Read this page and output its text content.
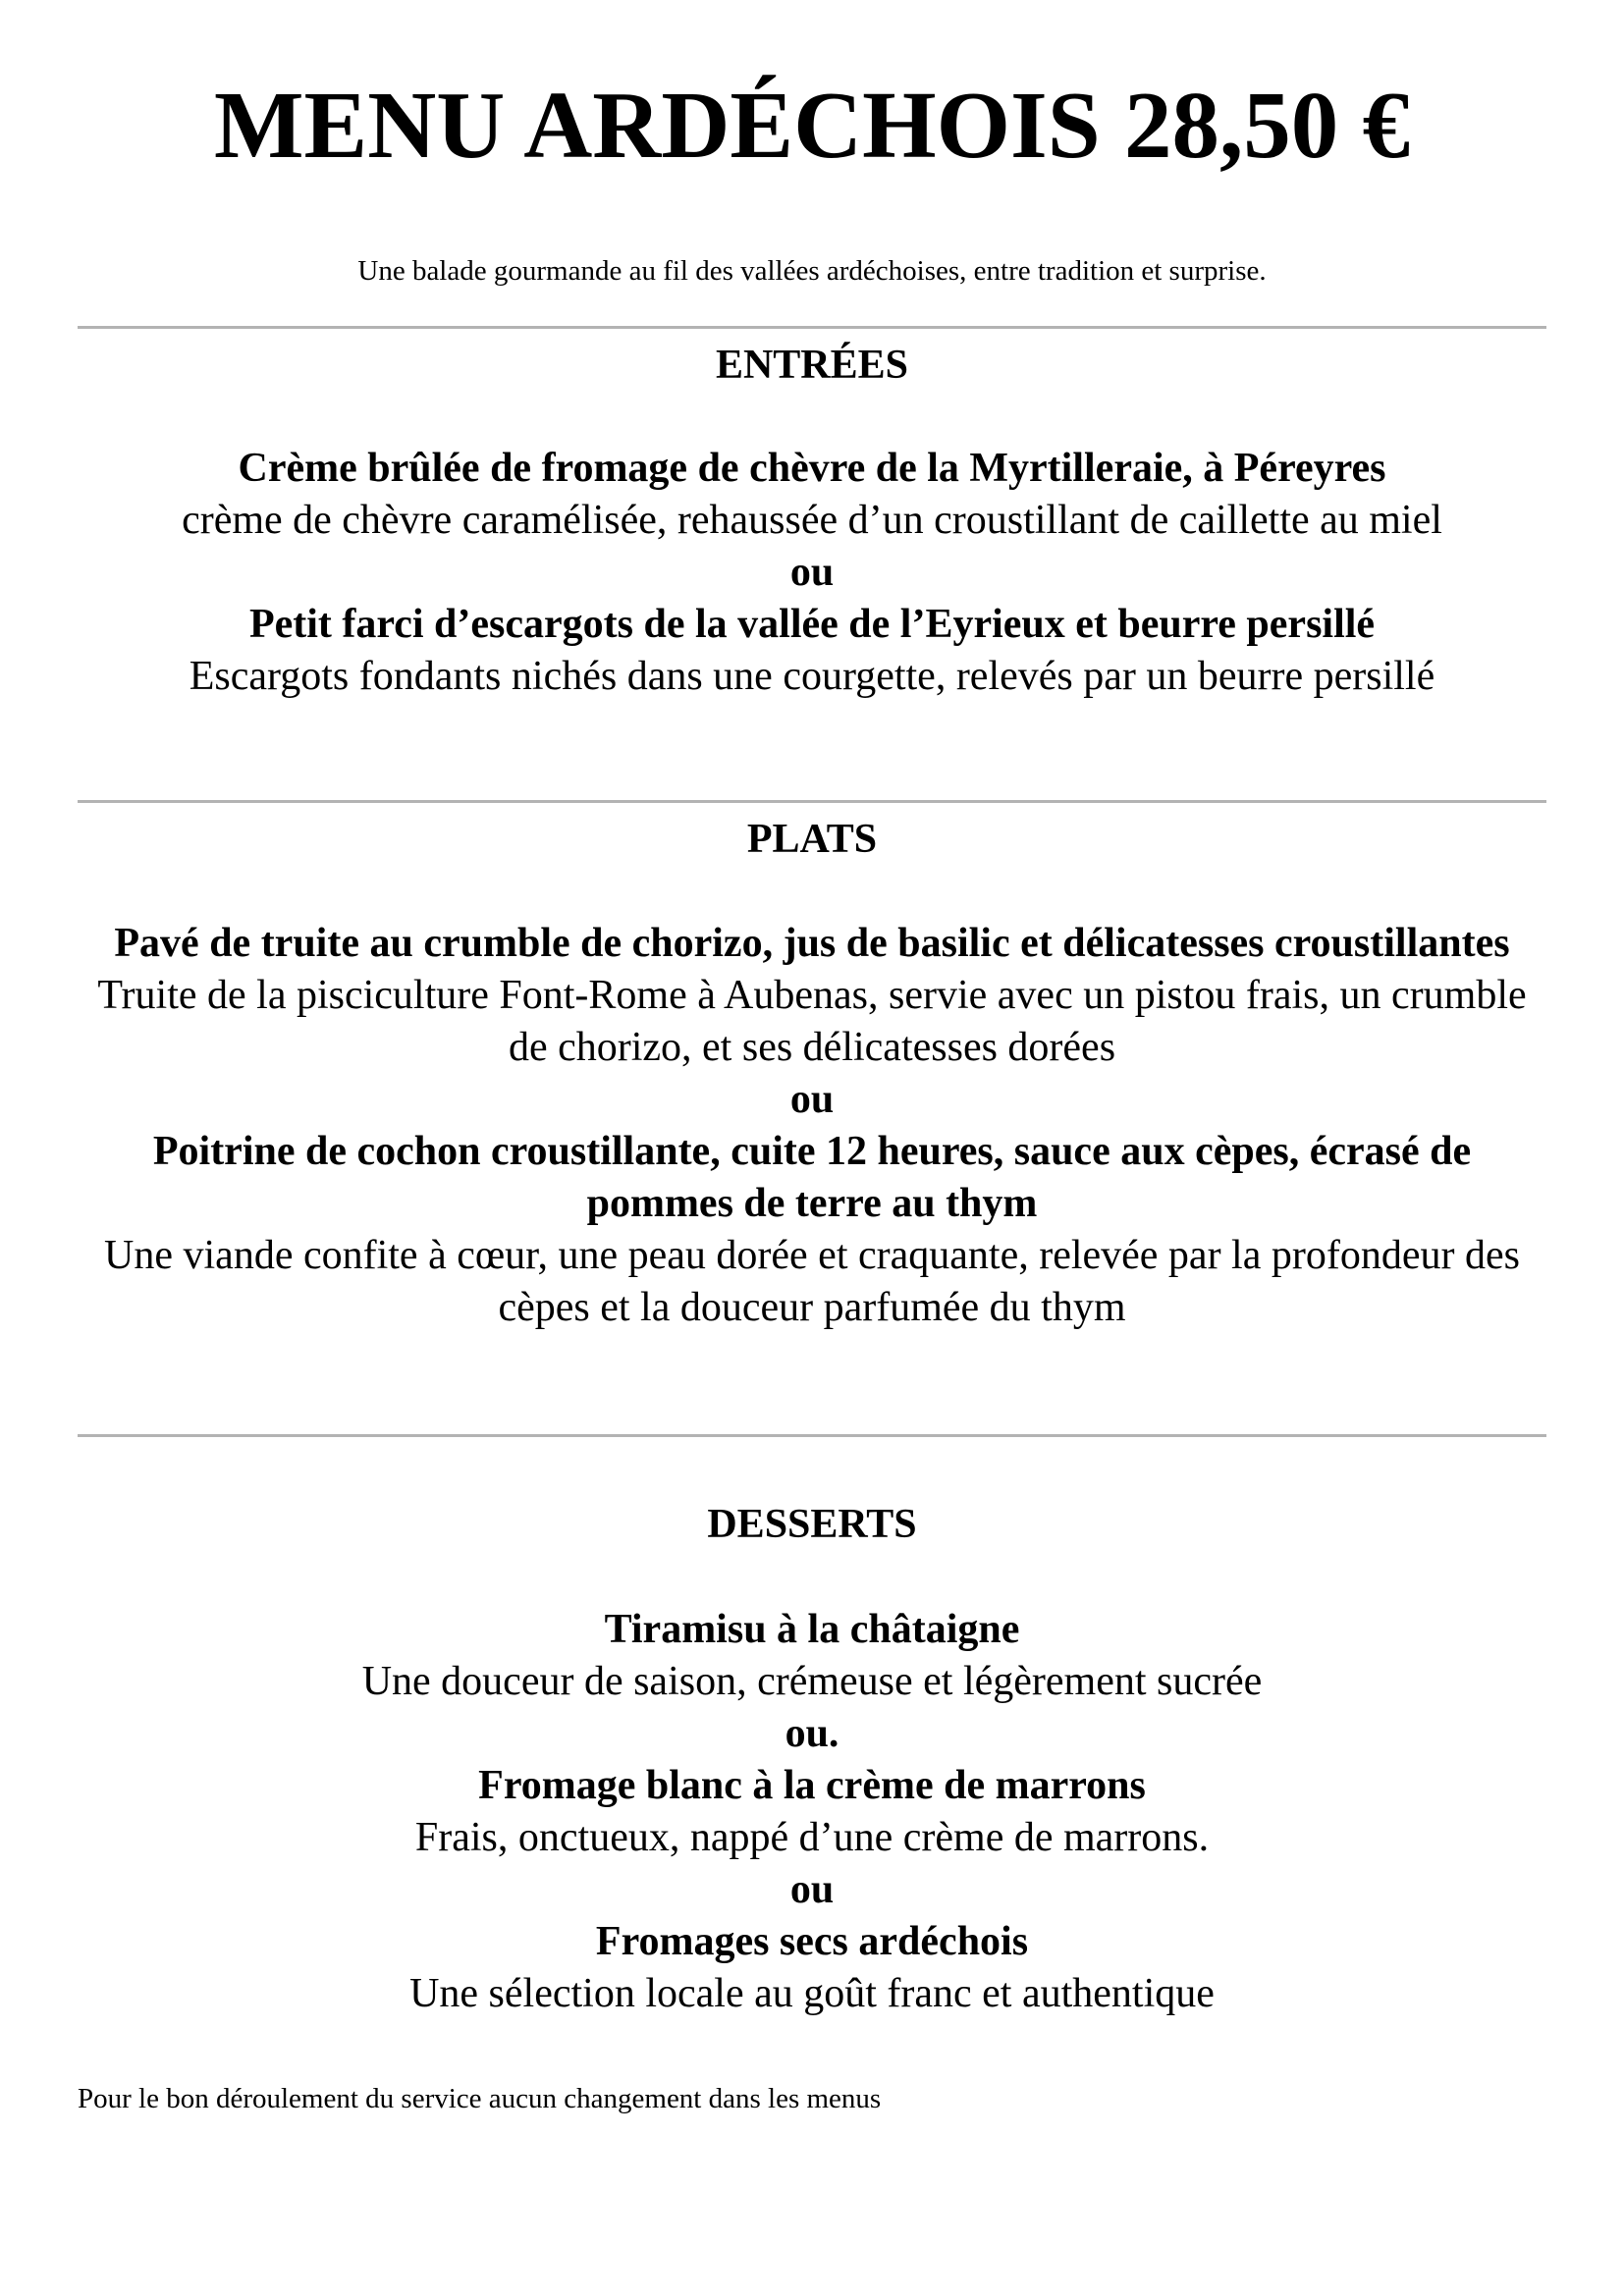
MENU ARDÉCHOIS 28,50 €
Une balade gourmande au fil des vallées ardéchoises, entre tradition et surprise.
ENTRÉES
Crème brûlée de fromage de chèvre de la Myrtilleraie, à Péreyres
crème de chèvre caramélisée, rehaussée d’un croustillant de caillette au miel
ou
Petit farci d’escargots de la vallée de l’Eyrieux et beurre persillé
Escargots fondants nichés dans une courgette, relevés par un beurre persillé
PLATS
Pavé de truite au crumble de chorizo, jus de basilic et délicatesses croustillantes
Truite de la pisciculture Font-Rome à Aubenas, servie avec un pistou frais, un crumble de chorizo, et ses délicatesses dorées
ou
Poitrine de cochon croustillante, cuite 12 heures, sauce aux cèpes, écrasé de pommes de terre au thym
Une viande confite à cœur, une peau dorée et craquante, relevée par la profondeur des cèpes et la douceur parfumée du thym
DESSERTS
Tiramisu à la châtaigne
Une douceur de saison, crémeuse et légèrement sucrée
ou.
Fromage blanc à la crème de marrons
Frais, onctueux, nappé d’une crème de marrons.
ou
Fromages secs ardéchois
Une sélection locale au goût franc et authentique
Pour le bon déroulement du service aucun changement dans les menus
